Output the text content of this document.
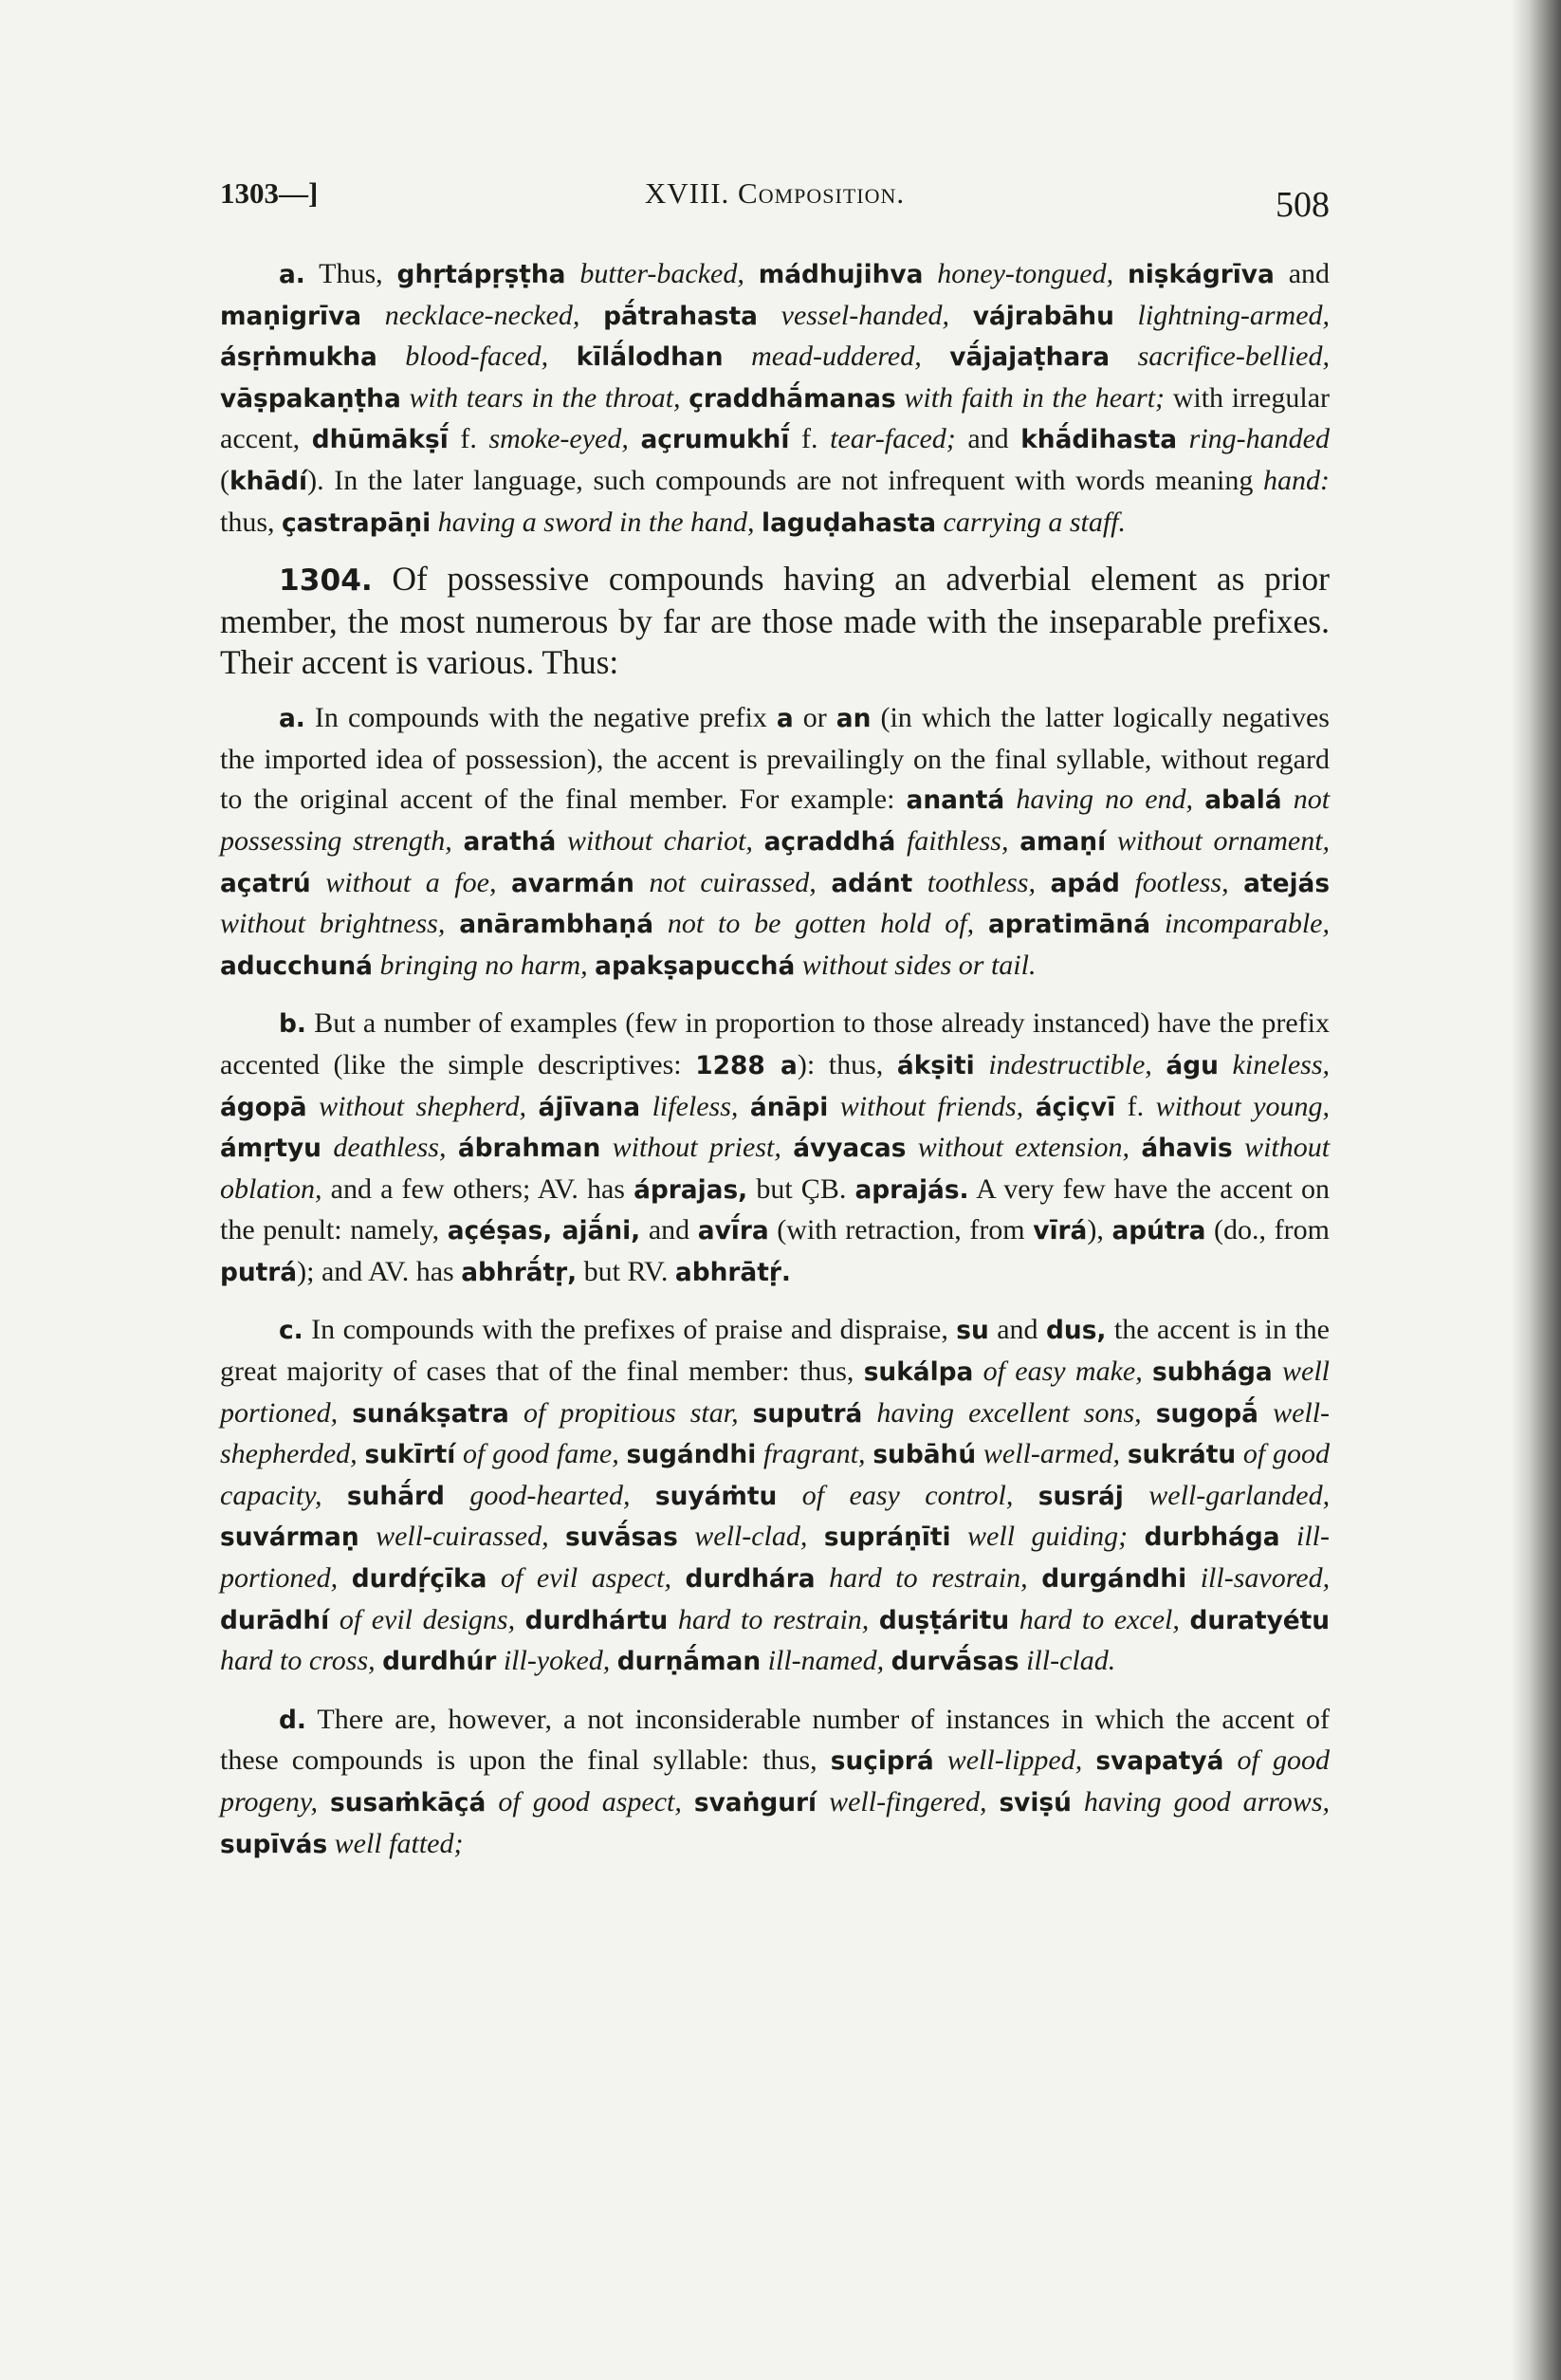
1303—]	XVIII. Composition.	508

a. Thus, ghṛtápṛṣṭha butter-backed, mádhujihva honey-tongued, niṣkágrīva and maṇigrīva necklace-necked, pā́trahasta vessel-handed, vájrabāhu lightning-armed, ásṛṅmukha blood-faced, kīlā́lodhan mead-uddered, vā́jajaṭhara sacrifice-bellied, vāṣpakaṇṭha with tears in the throat, çraddhā́manas with faith in the heart; with irregular accent, dhūmākṣī́ f. smoke-eyed, açrumukhī́ f. tear-faced; and khā́dihasta ring-handed (khādí). In the later language, such compounds are not infrequent with words meaning hand: thus, çastrapāṇi having a sword in the hand, laguḍahasta carrying a staff.

1304. Of possessive compounds having an adverbial element as prior member, the most numerous by far are those made with the inseparable prefixes. Their accent is various. Thus:

a. In compounds with the negative prefix a or an (in which the latter logically negatives the imported idea of possession), the accent is prevailingly on the final syllable, without regard to the original accent of the final member. For example: anantá having no end, abalá not possessing strength, arathá without chariot, açraddhá faithless, amaṇí without ornament, açatrú without a foe, avarmán not cuirassed, adánt toothless, apád footless, atejás without brightness, anārambhaṇá not to be gotten hold of, apratimāná incomparable, aducchuná bringing no harm, apakṣapucchá without sides or tail.

b. But a number of examples (few in proportion to those already instanced) have the prefix accented (like the simple descriptives: 1288 a): thus, ákṣiti indestructible, águ kineless, ágopā without shepherd, ájīvana lifeless, ánāpi without friends, áçiçvī f. without young, ámṛtyu deathless, ábrahman without priest, ávyacas without extension, áhavis without oblation, and a few others; AV. has áprajas, but ÇB. aprajás. A very few have the accent on the penult: namely, açéṣas, ajā́ni, and avī́ra (with retraction, from vīrá), apútra (do., from putrá); and AV. has abhrā́tṛ, but RV. abhrātṛ́.

c. In compounds with the prefixes of praise and dispraise, su and dus, the accent is in the great majority of cases that of the final member: thus, sukálpa of easy make, subhága well portioned, sunákṣatra of propitious star, suputrá having excellent sons, sugopā́ well-shepherded, sukīrtí of good fame, sugándhi fragrant, subāhú well-armed, sukrátu of good capacity, suhā́rd good-hearted, suyáṁtu of easy control, susráj well-garlanded, suvármaṇ well-cuirassed, suvā́sas well-clad, supráṇīti well guiding; durbhága ill-portioned, durdṛ́çīka of evil aspect, durdhára hard to restrain, durgándhi ill-savored, durādhí of evil designs, durdhártu hard to restrain, duṣṭáritu hard to excel, duratyétu hard to cross, durdhúr ill-yoked, durṇā́man ill-named, durvā́sas ill-clad.

d. There are, however, a not inconsiderable number of instances in which the accent of these compounds is upon the final syllable: thus, suçiprá well-lipped, svapatyá of good progeny, susaṁkāçá of good aspect, svaṅgurí well-fingered, sviṣú having good arrows, supīvás well fatted;
